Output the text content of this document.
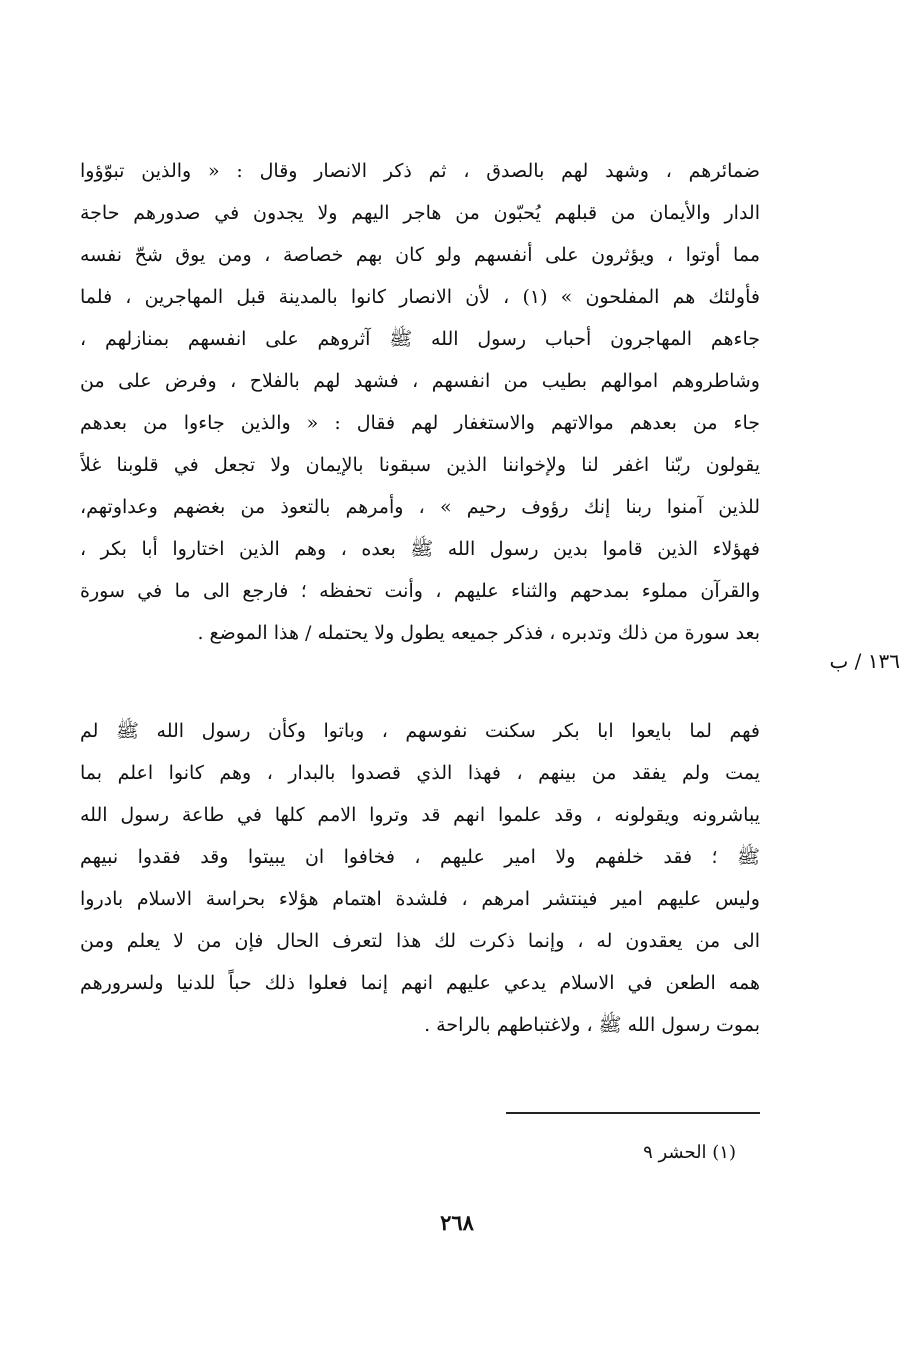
ضمائرهم ، وشهد لهم بالصدق ، ثم ذكر الانصار وقال : « والذين تبوّؤوا
الدار والأيمان من قبلهم يُحبّون من هاجر اليهم ولا يجدون في صدورهم حاجة
مما أوتوا ، ويؤثرون على أنفسهم ولو كان بهم خصاصة ، ومن يوق شحّ نفسه
فأولئك هم المفلحون » (١) ، لأن الانصار كانوا بالمدينة قبل المهاجرين ، فلما
جاءهم المهاجرون أحباب رسول الله ﷺ آثروهم على انفسهم بمنازلهم ،
وشاطروهم اموالهم بطيب من انفسهم ، فشهد لهم بالفلاح ، وفرض على من
جاء من بعدهم موالاتهم والاستغفار لهم فقال : « والذين جاءوا من بعدهم
يقولون ربّنا اغفر لنا ولإخواننا الذين سبقونا بالإيمان ولا تجعل في قلوبنا غلاً
للذين آمنوا ربنا إنك رؤوف رحيم » ، وأمرهم بالتعوذ من بغضهم وعداوتهم،
فهؤلاء الذين قاموا بدين رسول الله ﷺ بعده ، وهم الذين اختاروا أبا بكر ،
والقرآن مملوء بمدحهم والثناء عليهم ، وأنت تحفظه ؛ فارجع الى ما في سورة
بعد سورة من ذلك وتدبره ، فذكر جميعه يطول ولا يحتمله / هذا الموضع .
١٣٦ / ب
فهم لما بايعوا ابا بكر سكنت نفوسهم ، وباتوا وكأن رسول الله ﷺ لم
يمت ولم يفقد من بينهم ، فهذا الذي قصدوا بالبدار ، وهم كانوا اعلم بما
يباشرونه ويقولونه ، وقد علموا انهم قد وتروا الامم كلها في طاعة رسول الله
ﷺ ؛ فقد خلفهم ولا امير عليهم ، فخافوا ان يبيتوا وقد فقدوا نبيهم
وليس عليهم امير فينتشر امرهم ، فلشدة اهتمام هؤلاء بحراسة الاسلام بادروا
الى من يعقدون له ، وإنما ذكرت لك هذا لتعرف الحال فإن من لا يعلم ومن
همه الطعن في الاسلام يدعي عليهم انهم إنما فعلوا ذلك حباً للدنيا ولسرورهم
بموت رسول الله ﷺ ، ولاغتباطهم بالراحة .
(١) الحشر ٩
٢٦٨
